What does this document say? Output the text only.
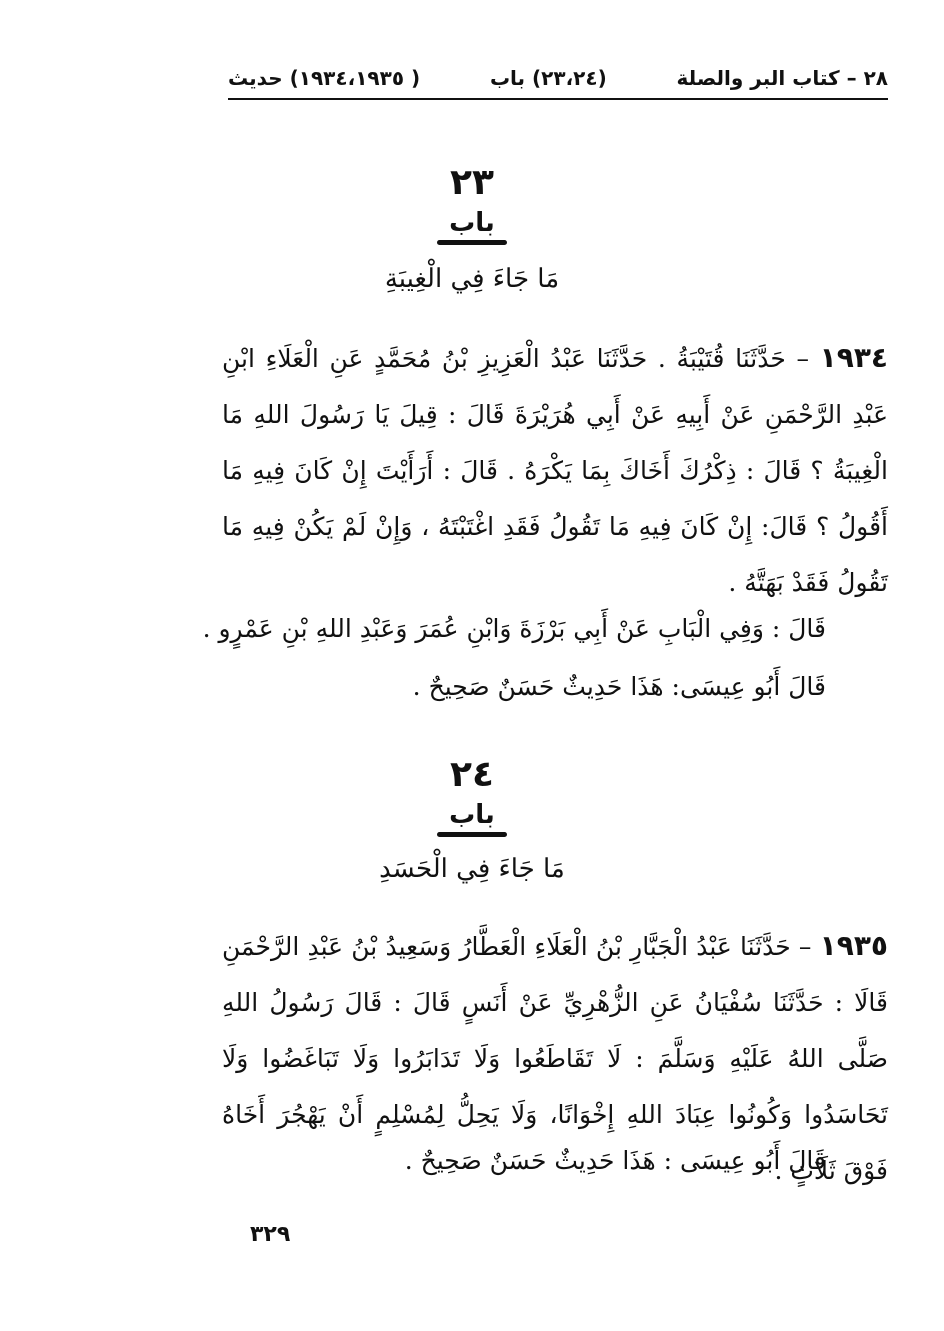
٢٨ – كتاب البر والصلة
(٢٣،٢٤) باب
( ١٩٣٤،١٩٣٥) حديث
٢٣
باب
مَا جَاءَ فِي الْغِيبَةِ
١٩٣٤ – حَدَّثَنَا قُتَيْبَةُ . حَدَّثَنَا عَبْدُ الْعَزِيزِ بْنُ مُحَمَّدٍ عَنِ الْعَلَاءِ ابْنِ عَبْدِ الرَّحْمَنِ عَنْ أَبِيهِ عَنْ أَبِي هُرَيْرَةَ قَالَ : قِيلَ يَا رَسُولَ اللهِ مَا الْغِيبَةُ ؟ قَالَ : ذِكْرُكَ أَخَاكَ بِمَا يَكْرَهُ . قَالَ : أَرَأَيْتَ إِنْ كَانَ فِيهِ مَا أَقُولُ ؟ قَالَ: إِنْ كَانَ فِيهِ مَا تَقُولُ فَقَدِ اغْتَبْتَهُ ، وَإِنْ لَمْ يَكُنْ فِيهِ مَا تَقُولُ فَقَدْ بَهَتَّهُ .
قَالَ : وَفِي الْبَابِ عَنْ أَبِي بَرْزَةَ وَابْنِ عُمَرَ وَعَبْدِ اللهِ بْنِ عَمْرٍو .
قَالَ أَبُو عِيسَى: هَذَا حَدِيثٌ حَسَنٌ صَحِيحٌ .
٢٤
باب
مَا جَاءَ فِي الْحَسَدِ
١٩٣٥ – حَدَّثَنَا عَبْدُ الْجَبَّارِ بْنُ الْعَلَاءِ الْعَطَّارُ وَسَعِيدُ بْنُ عَبْدِ الرَّحْمَنِ قَالَا : حَدَّثَنَا سُفْيَانُ عَنِ الزُّهْرِيِّ عَنْ أَنَسٍ قَالَ : قَالَ رَسُولُ اللهِ صَلَّى اللهُ عَلَيْهِ وَسَلَّمَ : لَا تَقَاطَعُوا وَلَا تَدَابَرُوا وَلَا تَبَاغَضُوا وَلَا تَحَاسَدُوا وَكُونُوا عِبَادَ اللهِ إِخْوَانًا، وَلَا يَحِلُّ لِمُسْلِمٍ أَنْ يَهْجُرَ أَخَاهُ فَوْقَ ثَلَاثٍ .
قَالَ أَبُو عِيسَى : هَذَا حَدِيثٌ حَسَنٌ صَحِيحٌ .
٣٢٩
